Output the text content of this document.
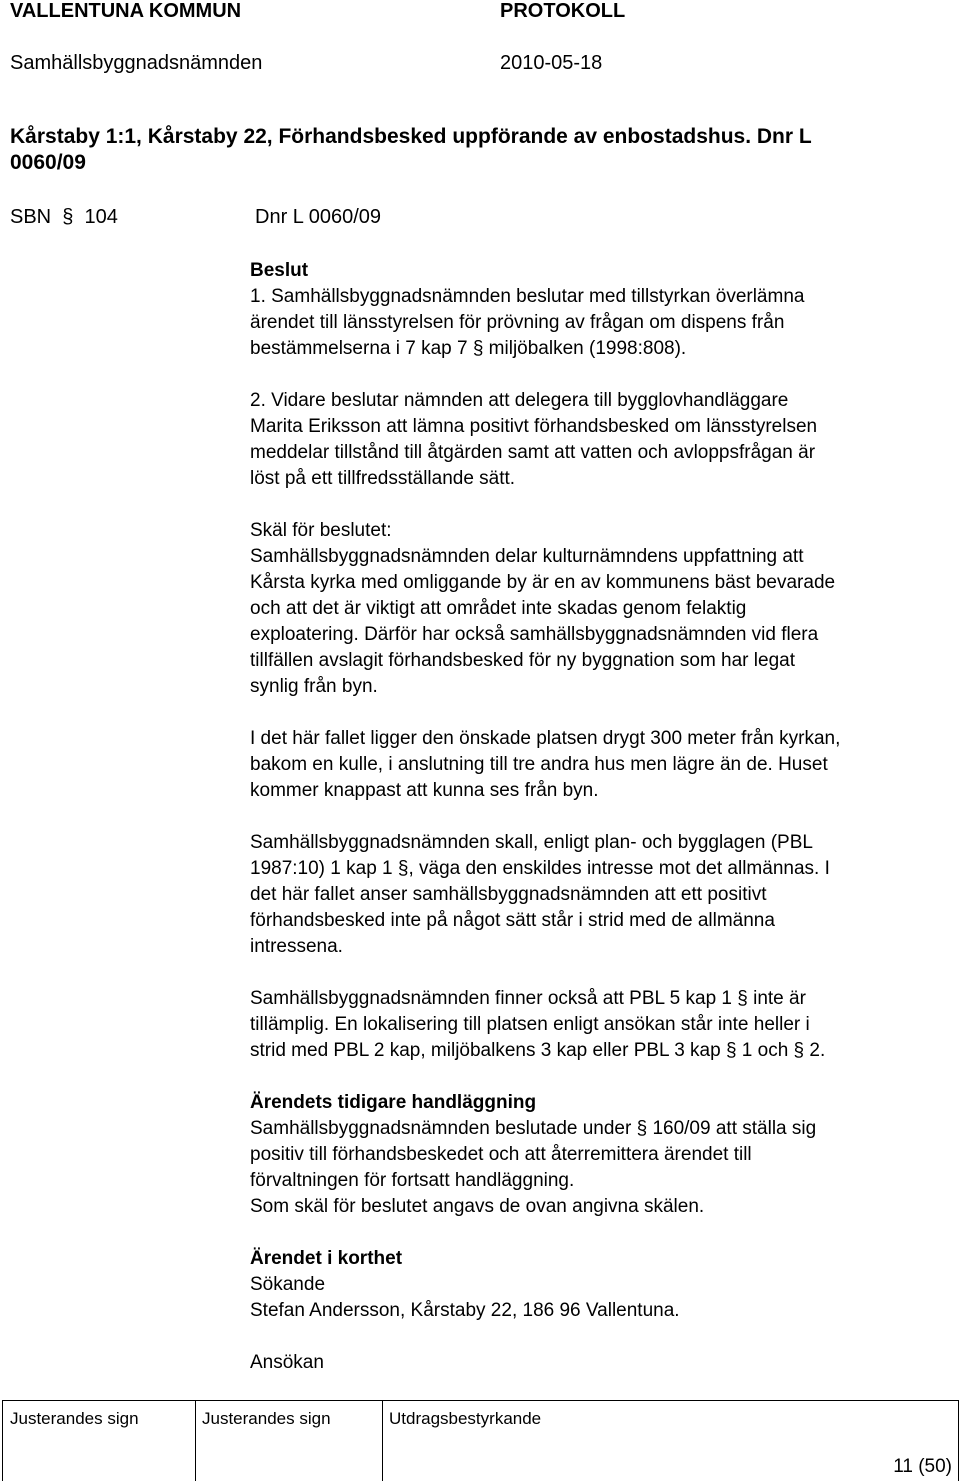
VALLENTUNA KOMMUN	PROTOKOLL
Samhällsbyggnadsnämnden	2010-05-18
Kårstaby 1:1, Kårstaby 22, Förhandsbesked uppförande av enbostadshus. Dnr L
0060/09
SBN  §  104	Dnr L 0060/09
Beslut
1. Samhällsbyggnadsnämnden beslutar med tillstyrkan överlämna
ärendet till länsstyrelsen för prövning av frågan om dispens från
bestämmelserna i 7 kap 7 § miljöbalken (1998:808).
2. Vidare beslutar nämnden att delegera till bygglovhandläggare
Marita Eriksson att lämna positivt förhandsbesked om länsstyrelsen
meddelar tillstånd till åtgärden samt att vatten och avloppsfrågan är
löst på ett tillfredsställande sätt.
Skäl för beslutet:
Samhällsbyggnadsnämnden delar kulturnämndens uppfattning att
Kårsta kyrka med omliggande by är en av kommunens bäst bevarade
och att det är viktigt att området inte skadas genom felaktig
exploatering. Därför har också samhällsbyggnadsnämnden vid flera
tillfällen avslagit förhandsbesked för ny byggnation som har legat
synlig från byn.
I det här fallet ligger den önskade platsen drygt 300 meter från kyrkan,
bakom en kulle, i anslutning till tre andra hus men lägre än de. Huset
kommer knappast att kunna ses från byn.
Samhällsbyggnadsnämnden skall, enligt plan- och bygglagen (PBL
1987:10) 1 kap 1 §, väga den enskildes intresse mot det allmännas. I
det här fallet anser samhällsbyggnadsnämnden att ett positivt
förhandsbesked inte på något sätt står i strid med de allmänna
intressena.
Samhällsbyggnadsnämnden finner också att PBL 5 kap 1 § inte är
tillämplig. En lokalisering till platsen enligt ansökan står inte heller i
strid med PBL 2 kap, miljöbalkens 3 kap eller PBL 3 kap § 1 och § 2.
Ärendets tidigare handläggning
Samhällsbyggnadsnämnden beslutade under § 160/09 att ställa sig
positiv till förhandsbeskedet och att återremittera ärendet till
förvaltningen för fortsatt handläggning.
Som skäl för beslutet angavs de ovan angivna skälen.
Ärendet i korthet
Sökande
Stefan Andersson, Kårstaby 22, 186 96 Vallentuna.
Ansökan
Justerandes sign	Justerandes sign	Utdragsbestyrkande
11 (50)
